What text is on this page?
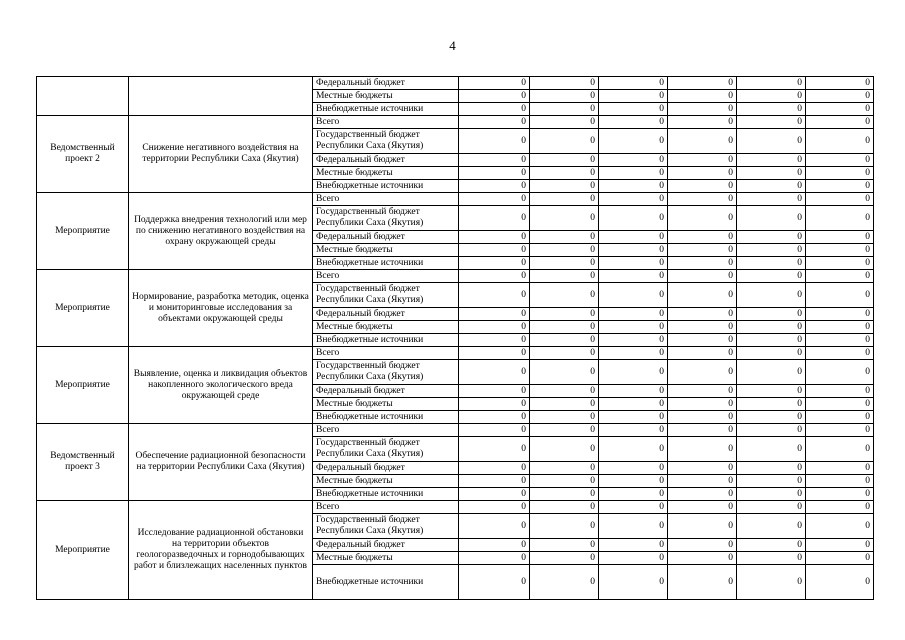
4
		Федеральный бюджет	0	0	0	0	0	0
		Местные бюджеты	0	0	0	0	0	0
		Внебюджетные источники	0	0	0	0	0	0
Ведомственный проект 2	Снижение негативного воздействия на территории Республики Саха (Якутия)	Всего	0	0	0	0	0	0
		Государственный бюджет Республики Саха (Якутия)	0	0	0	0	0	0
		Федеральный бюджет	0	0	0	0	0	0
		Местные бюджеты	0	0	0	0	0	0
		Внебюджетные источники	0	0	0	0	0	0
Мероприятие	Поддержка внедрения технологий или мер по снижению негативного воздействия на охрану окружающей среды	Всего	0	0	0	0	0	0
		Государственный бюджет Республики Саха (Якутия)	0	0	0	0	0	0
		Федеральный бюджет	0	0	0	0	0	0
		Местные бюджеты	0	0	0	0	0	0
		Внебюджетные источники	0	0	0	0	0	0
Мероприятие	Нормирование, разработка методик, оценка и мониторинговые исследования за объектами окружающей среды	Всего	0	0	0	0	0	0
		Государственный бюджет Республики Саха (Якутия)	0	0	0	0	0	0
		Федеральный бюджет	0	0	0	0	0	0
		Местные бюджеты	0	0	0	0	0	0
		Внебюджетные источники	0	0	0	0	0	0
Мероприятие	Выявление, оценка и ликвидация объектов накопленного экологического вреда окружающей среде	Всего	0	0	0	0	0	0
		Государственный бюджет Республики Саха (Якутия)	0	0	0	0	0	0
		Федеральный бюджет	0	0	0	0	0	0
		Местные бюджеты	0	0	0	0	0	0
		Внебюджетные источники	0	0	0	0	0	0
Ведомственный проект 3	Обеспечение радиационной безопасности на территории Республики Саха (Якутия)	Всего	0	0	0	0	0	0
		Государственный бюджет Республики Саха (Якутия)	0	0	0	0	0	0
		Федеральный бюджет	0	0	0	0	0	0
		Местные бюджеты	0	0	0	0	0	0
		Внебюджетные источники	0	0	0	0	0	0
Мероприятие	Исследование радиационной обстановки на территории объектов геологоразведочных и горнодобывающих работ и близлежащих населенных пунктов	Всего	0	0	0	0	0	0
		Государственный бюджет Республики Саха (Якутия)	0	0	0	0	0	0
		Федеральный бюджет	0	0	0	0	0	0
		Местные бюджеты	0	0	0	0	0	0
		Внебюджетные источники	0	0	0	0	0	0
